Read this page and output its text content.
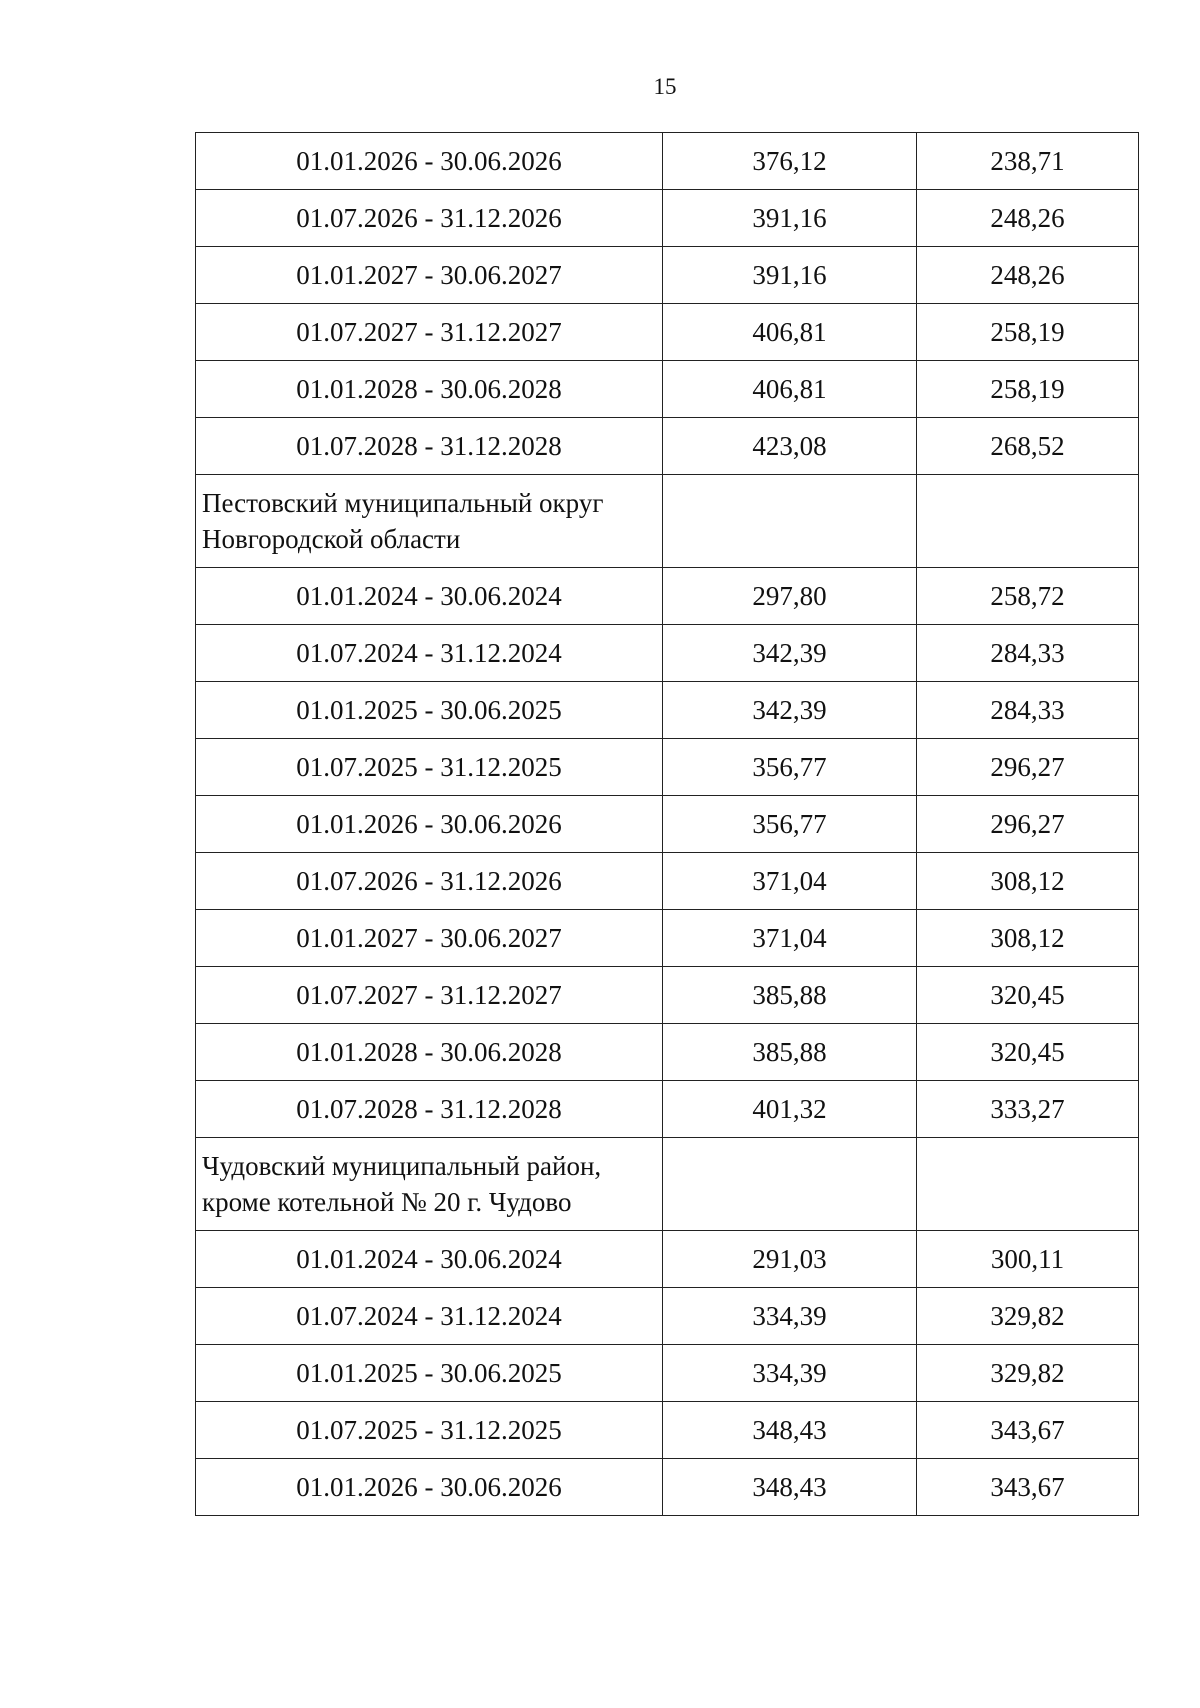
15
01.01.2026 - 30.06.2026	376,12	238,71
01.07.2026 - 31.12.2026	391,16	248,26
01.01.2027 - 30.06.2027	391,16	248,26
01.07.2027 - 31.12.2027	406,81	258,19
01.01.2028 - 30.06.2028	406,81	258,19
01.07.2028 - 31.12.2028	423,08	268,52

Пестовский муниципальный округ
Новгородской области		

01.01.2024 - 30.06.2024	297,80	258,72
01.07.2024 - 31.12.2024	342,39	284,33
01.01.2025 - 30.06.2025	342,39	284,33
01.07.2025 - 31.12.2025	356,77	296,27
01.01.2026 - 30.06.2026	356,77	296,27
01.07.2026 - 31.12.2026	371,04	308,12
01.01.2027 - 30.06.2027	371,04	308,12
01.07.2027 - 31.12.2027	385,88	320,45
01.01.2028 - 30.06.2028	385,88	320,45
01.07.2028 - 31.12.2028	401,32	333,27

Чудовский муниципальный район,
кроме котельной № 20 г. Чудово		

01.01.2024 - 30.06.2024	291,03	300,11
01.07.2024 - 31.12.2024	334,39	329,82
01.01.2025 - 30.06.2025	334,39	329,82
01.07.2025 - 31.12.2025	348,43	343,67
01.01.2026 - 30.06.2026	348,43	343,67
